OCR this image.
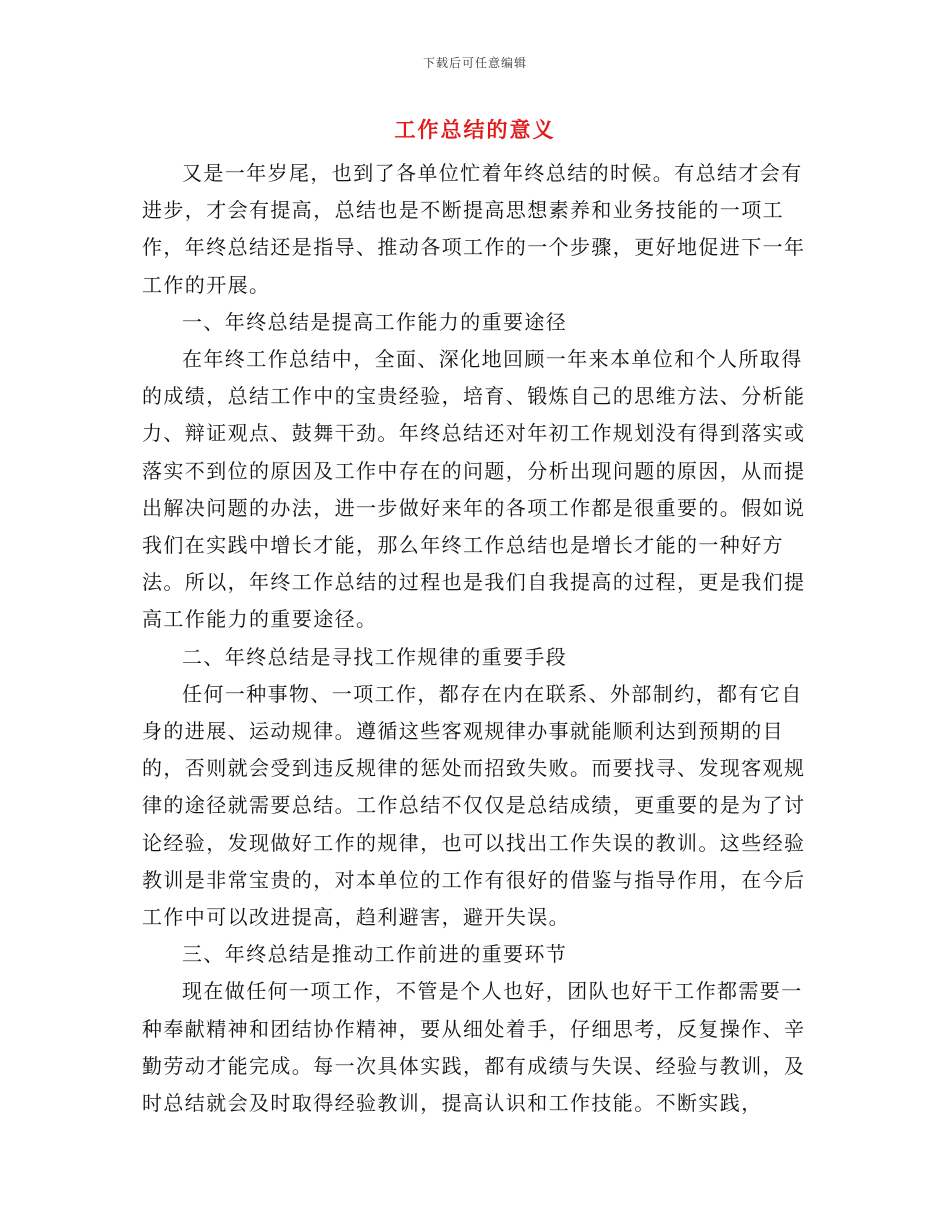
下载后可任意编辑
工作总结的意义

又是一年岁尾，也到了各单位忙着年终总结的时候。有总结才会有进步，才会有提高，总结也是不断提高思想素养和业务技能的一项工作，年终总结还是指导、推动各项工作的一个步骤，更好地促进下一年工作的开展。

一、年终总结是提高工作能力的重要途径

在年终工作总结中，全面、深化地回顾一年来本单位和个人所取得的成绩，总结工作中的宝贵经验，培育、锻炼自己的思维方法、分析能力、辩证观点、鼓舞干劲。年终总结还对年初工作规划没有得到落实或落实不到位的原因及工作中存在的问题，分析出现问题的原因，从而提出解决问题的办法，进一步做好来年的各项工作都是很重要的。假如说我们在实践中增长才能，那么年终工作总结也是增长才能的一种好方法。所以，年终工作总结的过程也是我们自我提高的过程，更是我们提高工作能力的重要途径。

二、年终总结是寻找工作规律的重要手段

任何一种事物、一项工作，都存在内在联系、外部制约，都有它自身的进展、运动规律。遵循这些客观规律办事就能顺利达到预期的目的，否则就会受到违反规律的惩处而招致失败。而要找寻、发现客观规律的途径就需要总结。工作总结不仅仅是总结成绩，更重要的是为了讨论经验，发现做好工作的规律，也可以找出工作失误的教训。这些经验教训是非常宝贵的，对本单位的工作有很好的借鉴与指导作用，在今后工作中可以改进提高，趋利避害，避开失误。

三、年终总结是推动工作前进的重要环节

现在做任何一项工作，不管是个人也好，团队也好干工作都需要一种奉献精神和团结协作精神，要从细处着手，仔细思考，反复操作、辛勤劳动才能完成。每一次具体实践，都有成绩与失误、经验与教训，及时总结就会及时取得经验教训，提高认识和工作技能。不断实践，
